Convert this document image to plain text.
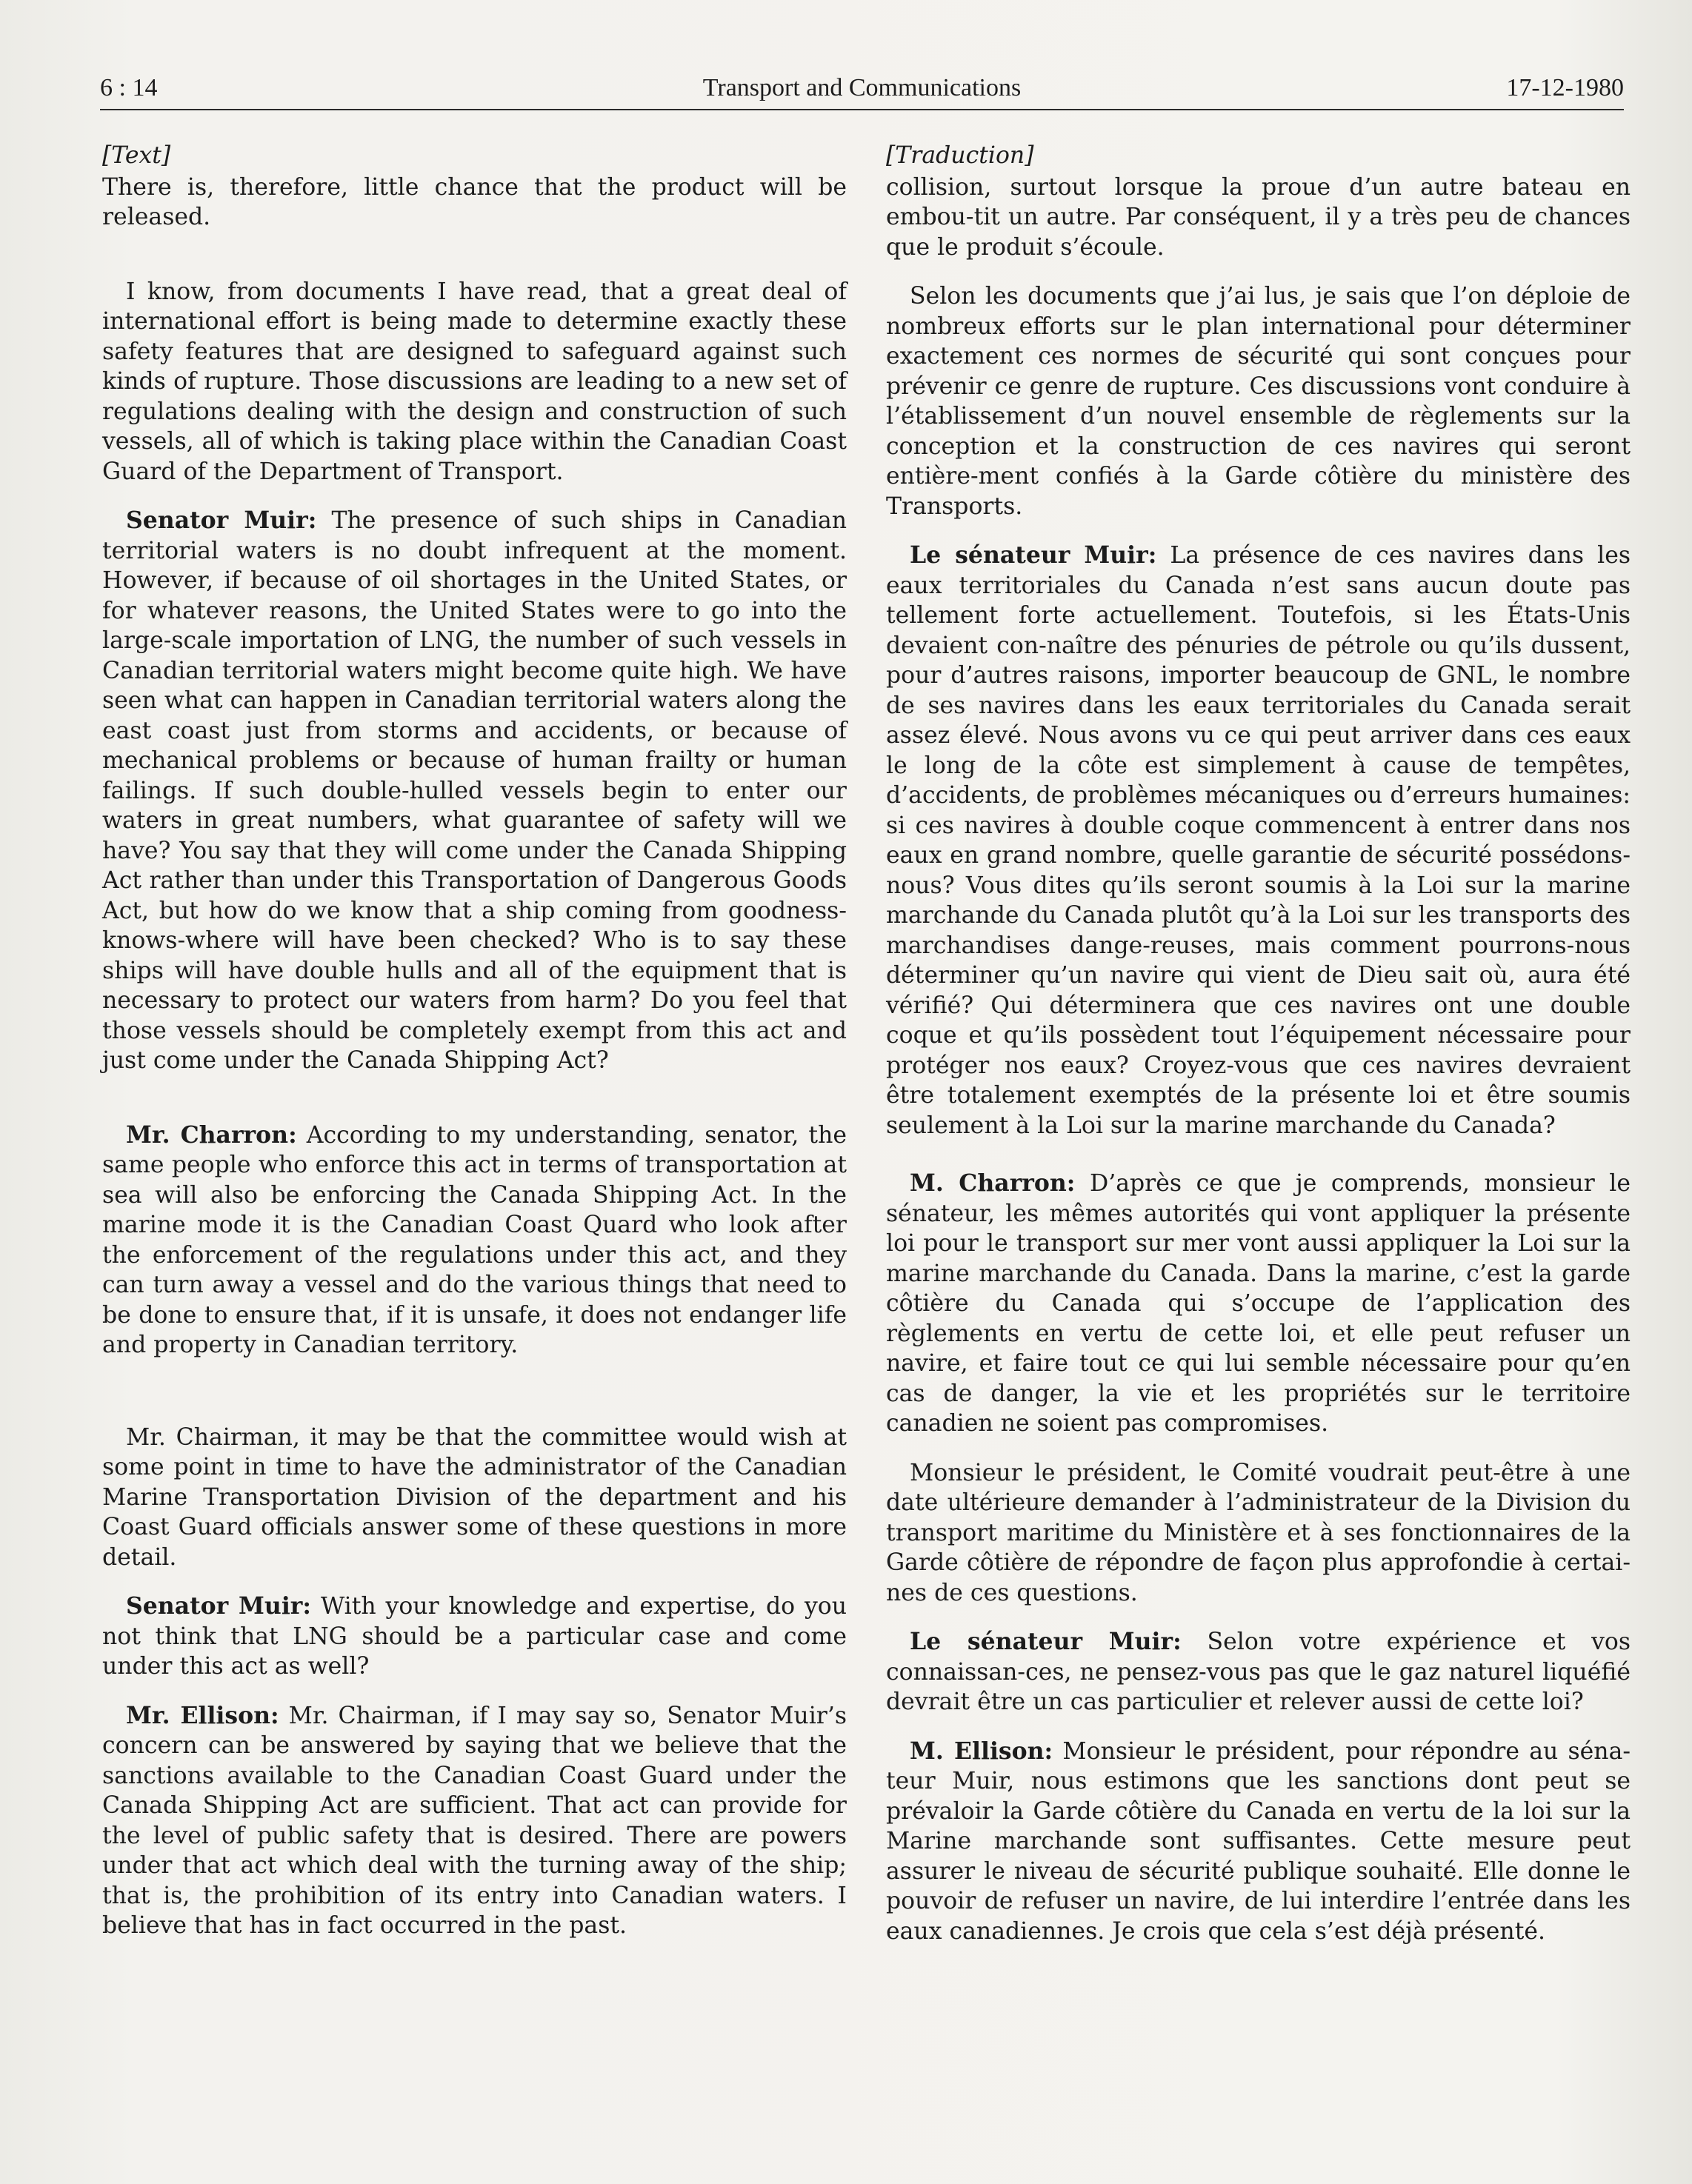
6 : 14	Transport and Communications	17-12-1980
[Text]

There is, therefore, little chance that the product will be released.

I know, from documents I have read, that a great deal of international effort is being made to determine exactly these safety features that are designed to safeguard against such kinds of rupture. Those discussions are leading to a new set of regulations dealing with the design and construction of such vessels, all of which is taking place within the Canadian Coast Guard of the Department of Transport.

Senator Muir: The presence of such ships in Canadian territorial waters is no doubt infrequent at the moment. However, if because of oil shortages in the United States, or for whatever reasons, the United States were to go into the large-scale importation of LNG, the number of such vessels in Canadian territorial waters might become quite high. We have seen what can happen in Canadian territorial waters along the east coast just from storms and accidents, or because of mechanical problems or because of human frailty or human failings. If such double-hulled vessels begin to enter our waters in great numbers, what guarantee of safety will we have? You say that they will come under the Canada Shipping Act rather than under this Transportation of Dangerous Goods Act, but how do we know that a ship coming from goodness-knows-where will have been checked? Who is to say these ships will have double hulls and all of the equipment that is necessary to protect our waters from harm? Do you feel that those vessels should be completely exempt from this act and just come under the Canada Shipping Act?

Mr. Charron: According to my understanding, senator, the same people who enforce this act in terms of transportation at sea will also be enforcing the Canada Shipping Act. In the marine mode it is the Canadian Coast Quard who look after the enforcement of the regulations under this act, and they can turn away a vessel and do the various things that need to be done to ensure that, if it is unsafe, it does not endanger life and property in Canadian territory.

Mr. Chairman, it may be that the committee would wish at some point in time to have the administrator of the Canadian Marine Transportation Division of the department and his Coast Guard officials answer some of these questions in more detail.

Senator Muir: With your knowledge and expertise, do you not think that LNG should be a particular case and come under this act as well?

Mr. Ellison: Mr. Chairman, if I may say so, Senator Muir’s concern can be answered by saying that we believe that the sanctions available to the Canadian Coast Guard under the Canada Shipping Act are sufficient. That act can provide for the level of public safety that is desired. There are powers under that act which deal with the turning away of the ship; that is, the prohibition of its entry into Canadian waters. I believe that has in fact occurred in the past.

[Traduction]

collision, surtout lorsque la proue d’un autre bateau en embou-tit un autre. Par conséquent, il y a très peu de chances que le produit s’écoule.

Selon les documents que j’ai lus, je sais que l’on déploie de nombreux efforts sur le plan international pour déterminer exactement ces normes de sécurité qui sont conçues pour prévenir ce genre de rupture. Ces discussions vont conduire à l’établissement d’un nouvel ensemble de règlements sur la conception et la construction de ces navires qui seront entière-ment confiés à la Garde côtière du ministère des Transports.

Le sénateur Muir: La présence de ces navires dans les eaux territoriales du Canada n’est sans aucun doute pas tellement forte actuellement. Toutefois, si les États-Unis devaient con-naître des pénuries de pétrole ou qu’ils dussent, pour d’autres raisons, importer beaucoup de GNL, le nombre de ses navires dans les eaux territoriales du Canada serait assez élevé. Nous avons vu ce qui peut arriver dans ces eaux le long de la côte est simplement à cause de tempêtes, d’accidents, de problèmes mécaniques ou d’erreurs humaines: si ces navires à double coque commencent à entrer dans nos eaux en grand nombre, quelle garantie de sécurité possédons-nous? Vous dites qu’ils seront soumis à la Loi sur la marine marchande du Canada plutôt qu’à la Loi sur les transports des marchandises dange-reuses, mais comment pourrons-nous déterminer qu’un navire qui vient de Dieu sait où, aura été vérifié? Qui déterminera que ces navires ont une double coque et qu’ils possèdent tout l’équipement nécessaire pour protéger nos eaux? Croyez-vous que ces navires devraient être totalement exemptés de la présente loi et être soumis seulement à la Loi sur la marine marchande du Canada?

M. Charron: D’après ce que je comprends, monsieur le sénateur, les mêmes autorités qui vont appliquer la présente loi pour le transport sur mer vont aussi appliquer la Loi sur la marine marchande du Canada. Dans la marine, c’est la garde côtière du Canada qui s’occupe de l’application des règlements en vertu de cette loi, et elle peut refuser un navire, et faire tout ce qui lui semble nécessaire pour qu’en cas de danger, la vie et les propriétés sur le territoire canadien ne soient pas compromises.

Monsieur le président, le Comité voudrait peut-être à une date ultérieure demander à l’administrateur de la Division du transport maritime du Ministère et à ses fonctionnaires de la Garde côtière de répondre de façon plus approfondie à certai-nes de ces questions.

Le sénateur Muir: Selon votre expérience et vos connaissan-ces, ne pensez-vous pas que le gaz naturel liquéfié devrait être un cas particulier et relever aussi de cette loi?

M. Ellison: Monsieur le président, pour répondre au séna-teur Muir, nous estimons que les sanctions dont peut se prévaloir la Garde côtière du Canada en vertu de la loi sur la Marine marchande sont suffisantes. Cette mesure peut assurer le niveau de sécurité publique souhaité. Elle donne le pouvoir de refuser un navire, de lui interdire l’entrée dans les eaux canadiennes. Je crois que cela s’est déjà présenté.
